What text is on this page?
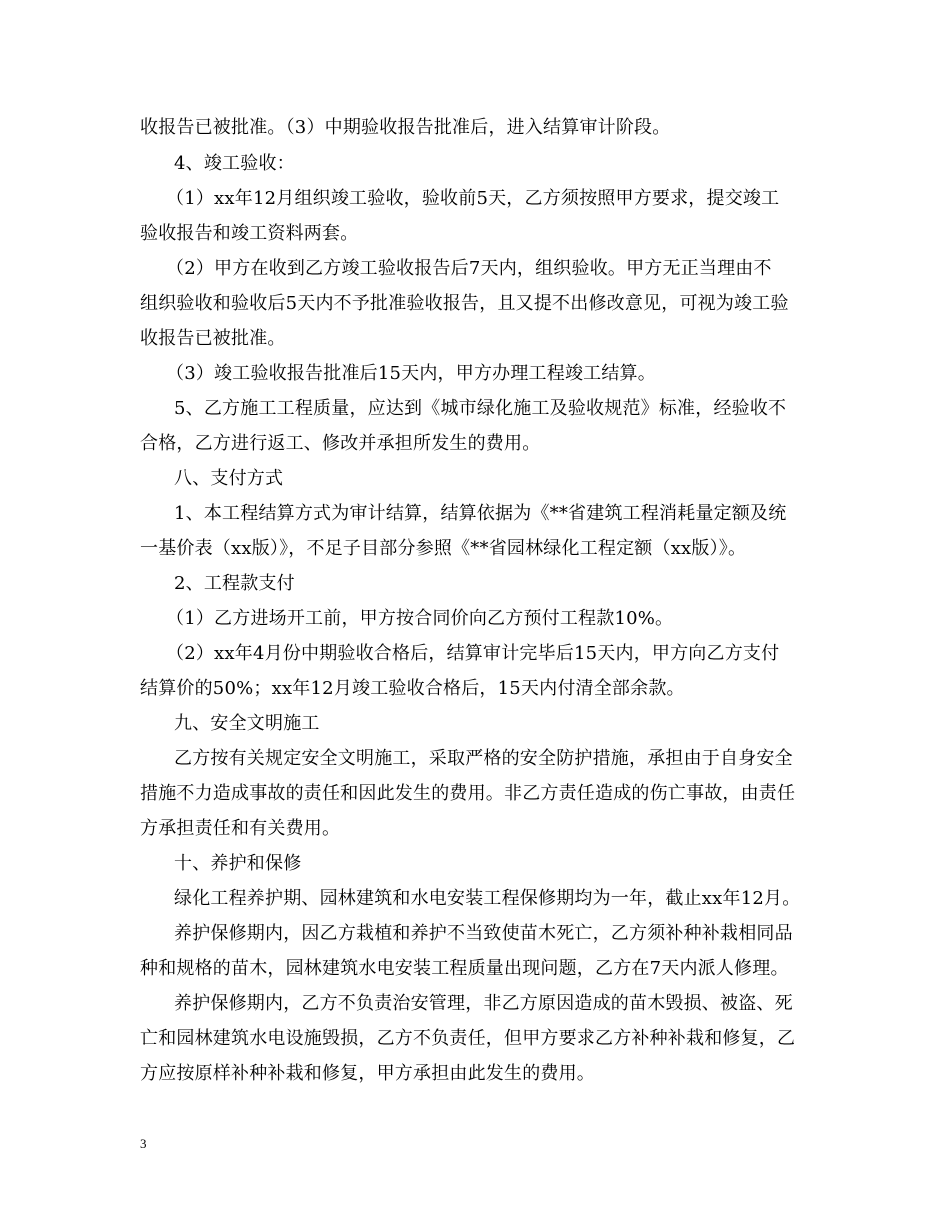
收报告已被批准。（3）中期验收报告批准后，进入结算审计阶段。
4、竣工验收：
（1）xx年12月组织竣工验收，验收前5天，乙方须按照甲方要求，提交竣工
验收报告和竣工资料两套。
（2）甲方在收到乙方竣工验收报告后7天内，组织验收。甲方无正当理由不
组织验收和验收后5天内不予批准验收报告，且又提不出修改意见，可视为竣工验
收报告已被批准。
（3）竣工验收报告批准后15天内，甲方办理工程竣工结算。
5、乙方施工工程质量，应达到《城市绿化施工及验收规范》标准，经验收不
合格，乙方进行返工、修改并承担所发生的费用。
八、支付方式
1、本工程结算方式为审计结算，结算依据为《**省建筑工程消耗量定额及统
一基价表（xx版）》，不足子目部分参照《**省园林绿化工程定额（xx版）》。
2、工程款支付
（1）乙方进场开工前，甲方按合同价向乙方预付工程款10%。
（2）xx年4月份中期验收合格后，结算审计完毕后15天内，甲方向乙方支付
结算价的50%；xx年12月竣工验收合格后，15天内付清全部余款。
九、安全文明施工
乙方按有关规定安全文明施工，采取严格的安全防护措施，承担由于自身安全
措施不力造成事故的责任和因此发生的费用。非乙方责任造成的伤亡事故，由责任
方承担责任和有关费用。
十、养护和保修
绿化工程养护期、园林建筑和水电安装工程保修期均为一年，截止xx年12月。
养护保修期内，因乙方栽植和养护不当致使苗木死亡，乙方须补种补栽相同品
种和规格的苗木，园林建筑水电安装工程质量出现问题，乙方在7天内派人修理。
养护保修期内，乙方不负责治安管理，非乙方原因造成的苗木毁损、被盗、死
亡和园林建筑水电设施毁损，乙方不负责任，但甲方要求乙方补种补栽和修复，乙
方应按原样补种补栽和修复，甲方承担由此发生的费用。
3
